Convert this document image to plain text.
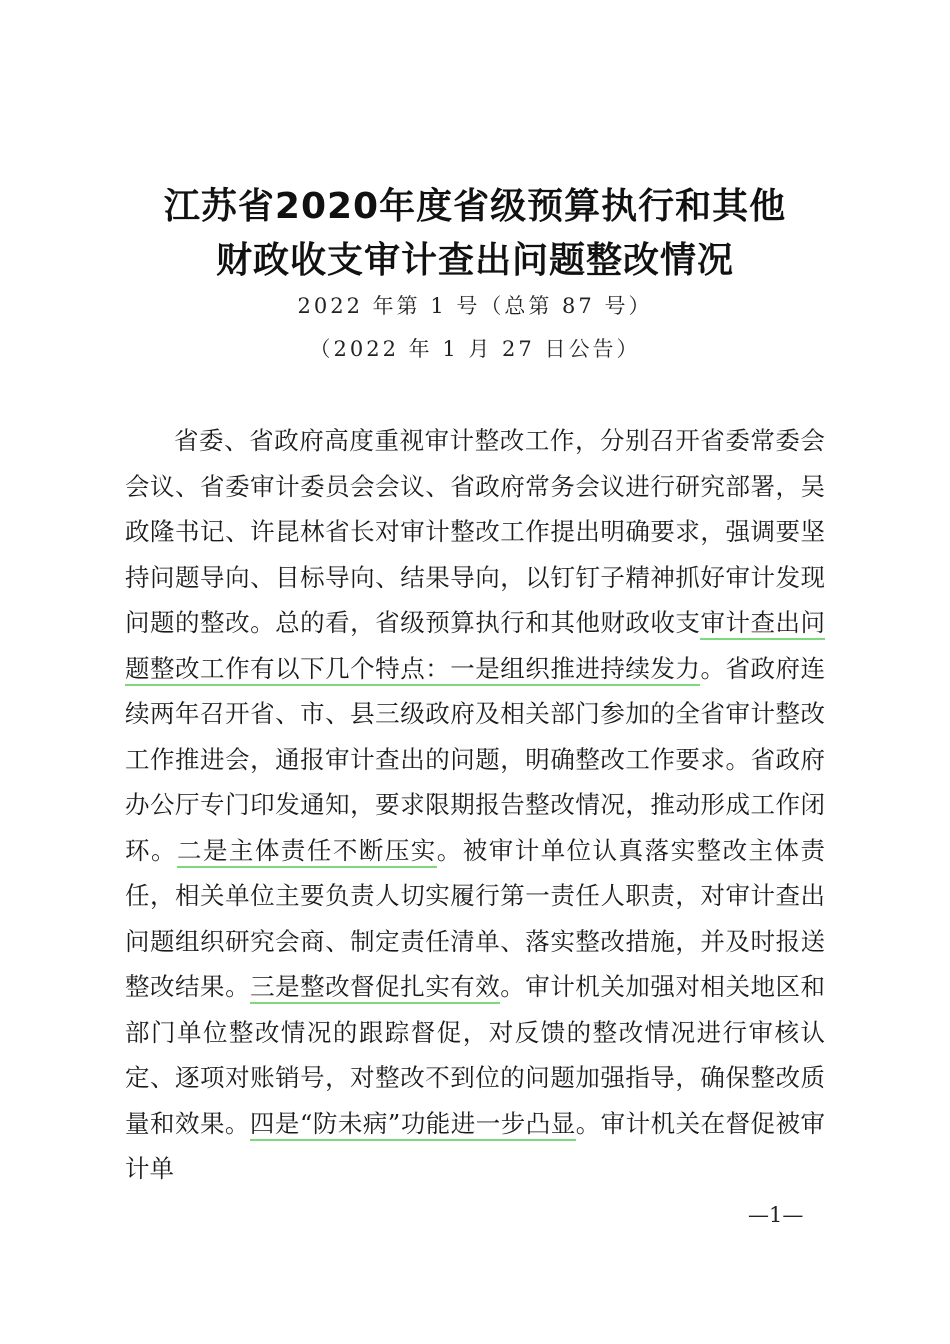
江苏省2020年度省级预算执行和其他
财政收支审计查出问题整改情况
2022 年第 1 号（总第 87 号）
（2022 年 1 月 27 日公告）

省委、省政府高度重视审计整改工作，分别召开省委常委会会议、省委审计委员会会议、省政府常务会议进行研究部署，吴政隆书记、许昆林省长对审计整改工作提出明确要求，强调要坚持问题导向、目标导向、结果导向，以钉钉子精神抓好审计发现问题的整改。总的看，省级预算执行和其他财政收支审计查出问题整改工作有以下几个特点：一是组织推进持续发力。省政府连续两年召开省、市、县三级政府及相关部门参加的全省审计整改工作推进会，通报审计查出的问题，明确整改工作要求。省政府办公厅专门印发通知，要求限期报告整改情况，推动形成工作闭环。二是主体责任不断压实。被审计单位认真落实整改主体责任，相关单位主要负责人切实履行第一责任人职责，对审计查出问题组织研究会商、制定责任清单、落实整改措施，并及时报送整改结果。三是整改督促扎实有效。审计机关加强对相关地区和部门单位整改情况的跟踪督促，对反馈的整改情况进行审核认定、逐项对账销号，对整改不到位的问题加强指导，确保整改质量和效果。四是“防未病”功能进一步凸显。审计机关在督促被审计单

—1—
